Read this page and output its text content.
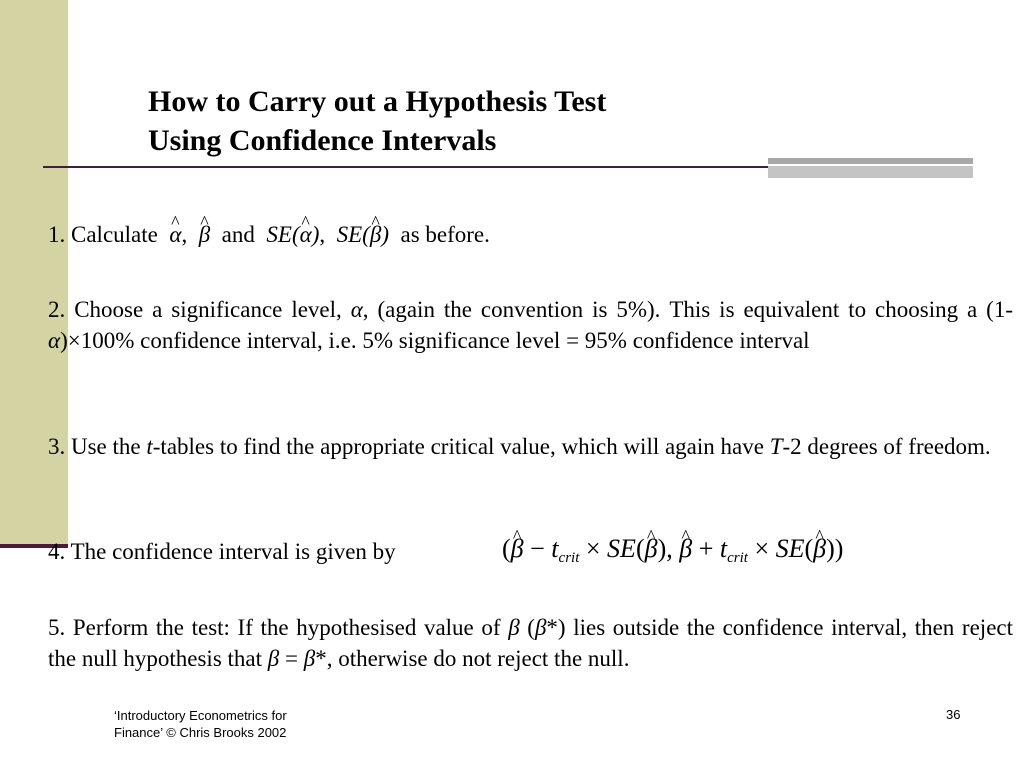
How to Carry out a Hypothesis Test
Using Confidence Intervals
1. Calculate ^ α, ^ β and SE(^ α), SE(^ β) as before.
2. Choose a significance level, α, (again the convention is 5%). This is equivalent to choosing a (1-α)×100% confidence interval, i.e. 5% significance level = 95% confidence interval
3. Use the t-tables to find the appropriate critical value, which will again have T-2 degrees of freedom.
4. The confidence interval is given by	(^ $\beta - t_{crit}$ × SE(^ β), ^ $\beta + t_{crit}$ × SE(^ β))
5. Perform the test: If the hypothesised value of β (β*) lies outside the confidence interval, then reject the null hypothesis that β = β*, otherwise do not reject the null.
‘Introductory Econometrics for
Finance’ © Chris Brooks 2002
36
